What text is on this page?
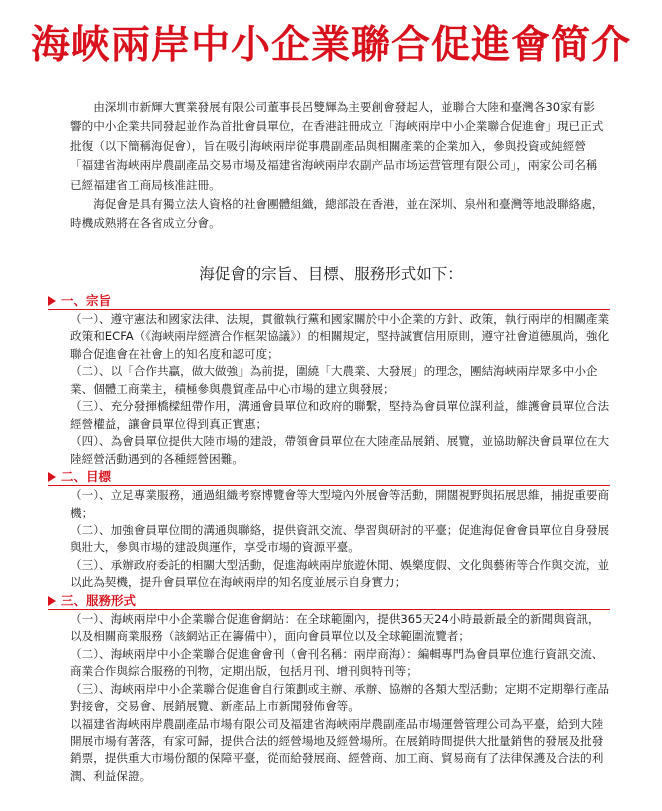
海峽兩岸中小企業聯合促進會简介

由深圳市新輝大實業發展有限公司董事長呂雙輝為主要創會發起人，並聯合大陸和臺灣各30家有影響的中小企業共同發起並作為首批會員單位，在香港註冊成立「海峽兩岸中小企業聯合促進會」現已正式批復（以下簡稱海促會），旨在吸引海峽兩岸從事農副產品與相關產業的企業加入，參與投資或純經營「福建省海峽兩岸農副產品交易市場及福建省海峽兩岸农副产品市场运营管理有限公司」，兩家公司名稱已經福建省工商局核准註冊。

海促會是具有獨立法人資格的社會團體組織，總部設在香港，並在深圳、泉州和臺灣等地設聯絡處，時機成熟將在各省成立分會。

海促會的宗旨、目標、服務形式如下：
一、宗旨

（一）、遵守憲法和國家法律、法規，貫徹執行黨和國家關於中小企業的方針、政策，執行兩岸的相關產業政策和ECFA（《海峽兩岸經濟合作框架協議》）的相關規定，堅持誠實信用原則，遵守社會道德風尚，強化聯合促進會在社會上的知名度和認可度；

（二）、以「合作共贏，做大做強」為前提，圍繞「大農業、大發展」的理念，團結海峽兩岸眾多中小企業、個體工商業主，積極參與農貿產品中心市場的建立與發展；

（三）、充分發揮橋樑紐帶作用，溝通會員單位和政府的聯繫，堅持為會員單位謀利益，維護會員單位合法經營權益，讓會員單位得到真正實惠；

（四）、為會員單位提供大陸市場的建設，帶領會員單位在大陸產品展銷、展覽，並協助解決會員單位在大陸經營活動遇到的各種經營困難。

二、目標

（一）、立足專業服務，通過組織考察博覽會等大型境內外展會等活動，開闊視野與拓展思維，捕捉重要商機；

（二）、加強會員單位間的溝通與聯絡，提供資訊交流、學習與研討的平臺；促進海促會會員單位自身發展與壯大，參與市場的建設與運作，享受市場的資源平臺。

（三）、承辦政府委託的相關大型活動，促進海峽兩岸旅遊休閒、娛樂度假、文化與藝術等合作與交流，並以此為契機，提升會員單位在海峽兩岸的知名度並展示自身實力；

三、服務形式

（一）、海峽兩岸中小企業聯合促進會網站：在全球範圍內，提供365天24小時最新最全的新聞與資訊，以及相關商業服務（該網站正在籌備中），面向會員單位以及全球範圍流覽者；

（二）、海峽兩岸中小企業聯合促進會會刊（會刊名稱：兩岸商海）：編輯專門為會員單位進行資訊交流、商業合作與綜合服務的刊物，定期出版，包括月刊、增刊與特刊等；

（三）、海峽兩岸中小企業聯合促進會自行策劃或主辦、承辦、協辦的各類大型活動；定期不定期舉行產品對接會，交易會、展銷展覽、新產品上市新聞發佈會等。

以福建省海峽兩岸農副產品市場有限公司及福建省海峽兩岸農副產品市場運營管理公司為平臺，給到大陸開展市場有著落，有家可歸，提供合法的經營場地及經營場所。在展銷時間提供大批量銷售的發展及批發銷票，提供重大市場份額的保障平臺，從而給發展商、經營商、加工商、貿易商有了法律保護及合法的利潤、利益保證。
